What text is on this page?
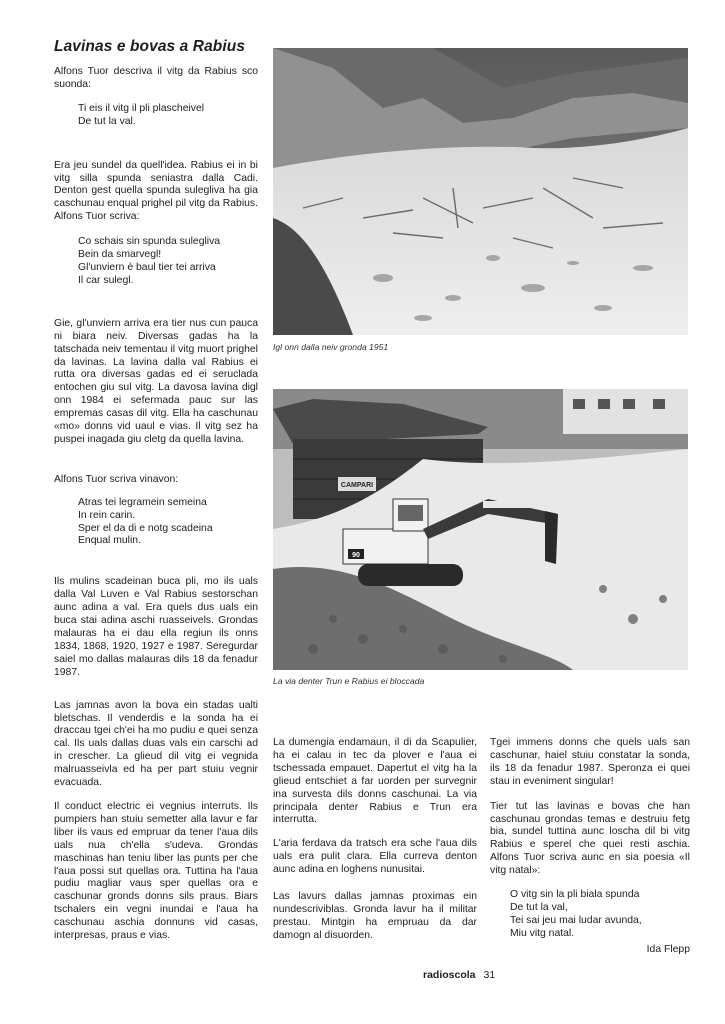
Lavinas e bovas a Rabius

Alfons Tuor descriva il vitg da Rabius sco suonda:

Ti eis il vitg il pli plascheivel
De tut la val.

Era jeu sundel da quell'idea. Rabius ei in bi vitg silla spunda seniastra dalla Cadi. Denton gest quella spunda sulegliva ha gia caschunau enqual prighel pil vitg da Rabius. Alfons Tuor scriva:

Co schais sin spunda sulegliva
Bein da smarvegl!
Gl'unviern è baul tier tei arriva
Il car sulegl.

Gie, gl'unviern arriva era tier nus cun pauca ni biara neiv. Diversas gadas ha la tatschada neiv tementau il vitg muort prighel da lavinas. La lavina dalla val Rabius ei rutta ora diversas gadas ed ei seruclada entochen giu sul vitg. La davosa lavina digl onn 1984 ei sefermada pauc sur las empremas casas dil vitg. Ella ha caschunau «mo» donns vid uaul e vias. Il vitg sez ha puspei inagada giu cletg da quella lavina.

Alfons Tuor scriva vinavon:

Atras tei legramein semeina
In rein carin.
Sper el da di e notg scadeina
Enqual mulin.

Ils mulins scadeinan buca pli, mo ils uals dalla Val Luven e Val Rabius sestorschan aunc adina a val. Era quels dus uals ein buca stai adina aschi ruasseivels. Grondas malauras ha ei dau ella regiun ils onns 1834, 1868, 1920, 1927 e 1987. Seregurdar saiel mo dallas malauras dils 18 da fenadur 1987.

Las jamnas avon la bova ein stadas ualti bletschas. Il venderdis e la sonda ha ei draccau tgei ch'ei ha mo pudiu e quei senza cal. Ils uals dallas duas vals ein carschi ad in crescher. La glieud dil vitg ei vegnida malruasseivla ed ha per part stuiu vegnir evacuada.

Il conduct electric ei vegnius interruts. Ils pumpiers han stuiu semetter alla lavur e far liber ils vaus ed empruar da tener l'aua dils uals nua ch'ella s'udeva. Grondas maschinas han teniu liber las punts per che l'aua possi sut quellas ora. Tuttina ha l'aua pudiu magliar vaus sper quellas ora e caschunar gronds donns sils praus. Biars tschalers ein vegni inundai e l'aua ha caschunau aschia donnuns vid casas, interpresas, praus e vias.

Igl onn dalla neiv gronda 1951
CAMPARI
90
La via denter Trun e Rabius ei bloccada

La dumengia endamaun, il di da Scapulier, ha ei calau in tec da plover e l'aua ei tschessada empauet. Dapertut el vitg ha la glieud entschiet a far uorden per survegnir ina survesta dils donns caschunai. La via principala denter Rabius e Trun era interrutta.

L'aria ferdava da tratsch era sche l'aua dils uals era pulit clara. Ella curreva denton aunc adina en loghens nunusitai.

Las lavurs dallas jamnas proximas ein nundescriviblas. Gronda lavur ha il militar prestau. Mintgin ha empruau da dar damogn al disuorden.

Tgei immens donns che quels uals san caschunar, haiel stuiu constatar la sonda, ils 18 da fenadur 1987. Speronza ei quei stau in eveniment singular!

Tier tut las lavinas e bovas che han caschunau grondas temas e destruiu fetg bia, sundel tuttina aunc loscha dil bi vitg Rabius e sperel che quei resti aschia. Alfons Tuor scriva aunc en sia poesia «Il vitg natal»:

O vitg sin la pli biala spunda
De tut la val,
Tei sai jeu mai ludar avunda,
Miu vitg natal.
Ida Flepp
radioscola 31
